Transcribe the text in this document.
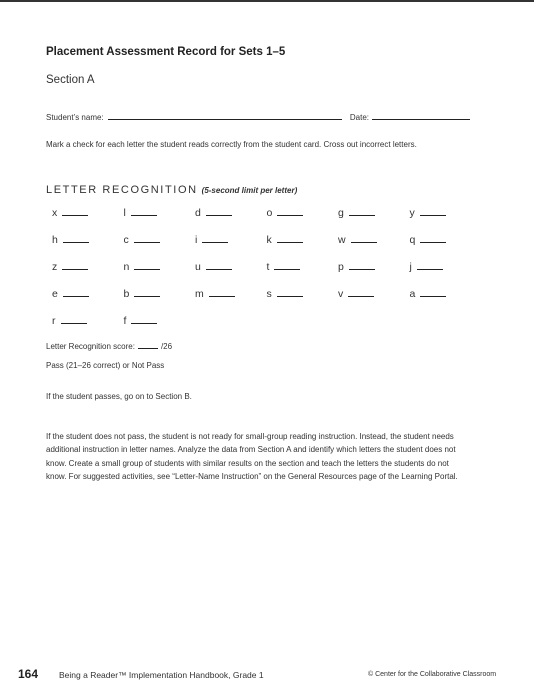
Placement Assessment Record for Sets 1–5
Section A
Student’s name:	Date:
Mark a check for each letter the student reads correctly from the student card. Cross out incorrect letters.
LETTER RECOGNITION (5-second limit per letter)
x	l	d	o	g	y
h	c	i	k	w	q
z	n	u	t	p	j
e	b	m	s	v	a
r	f
Letter Recognition score:	/26
Pass (21–26 correct) or Not Pass
If the student passes, go on to Section B.
If the student does not pass, the student is not ready for small-group reading instruction. Instead, the student needs additional instruction in letter names. Analyze the data from Section A and identify which letters the student does not know. Create a small group of students with similar results on the section and teach the letters the students do not know. For suggested activities, see “Letter-Name Instruction” on the General Resources page of the Learning Portal.
164 Being a Reader™ Implementation Handbook, Grade 1	© Center for the Collaborative Classroom
